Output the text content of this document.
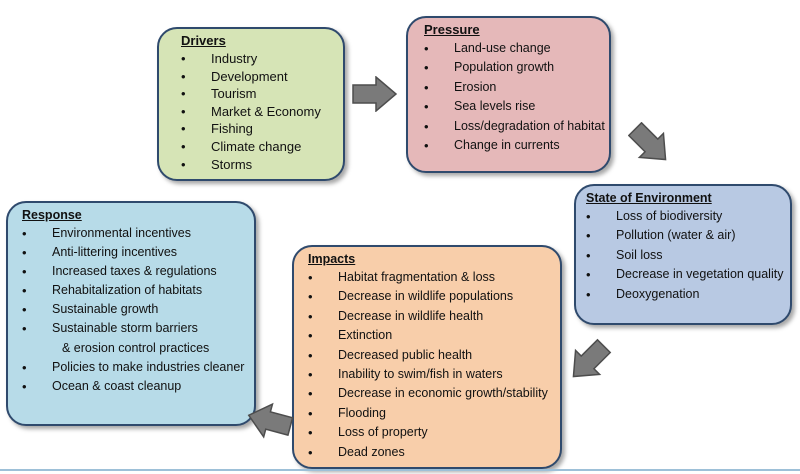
Drivers
• Industry
• Development
• Tourism
• Market & Economy
• Fishing
• Climate change
• Storms
Pressure
• Land-use change
• Population growth
• Erosion
• Sea levels rise
• Loss/degradation of habitat
• Change in currents
State of Environment
• Loss of biodiversity
• Pollution (water & air)
• Soil loss
• Decrease in vegetation quality
• Deoxygenation
Impacts
• Habitat fragmentation & loss
• Decrease in wildlife populations
• Decrease in wildlife health
• Extinction
• Decreased public health
• Inability to swim/fish in waters
• Decrease in economic growth/stability
• Flooding
• Loss of property
• Dead zones
Response
• Environmental incentives
• Anti-littering incentives
• Increased taxes & regulations
• Rehabitalization of habitats
• Sustainable growth
• Sustainable storm barriers
& erosion control practices
• Policies to make industries cleaner
• Ocean & coast cleanup
